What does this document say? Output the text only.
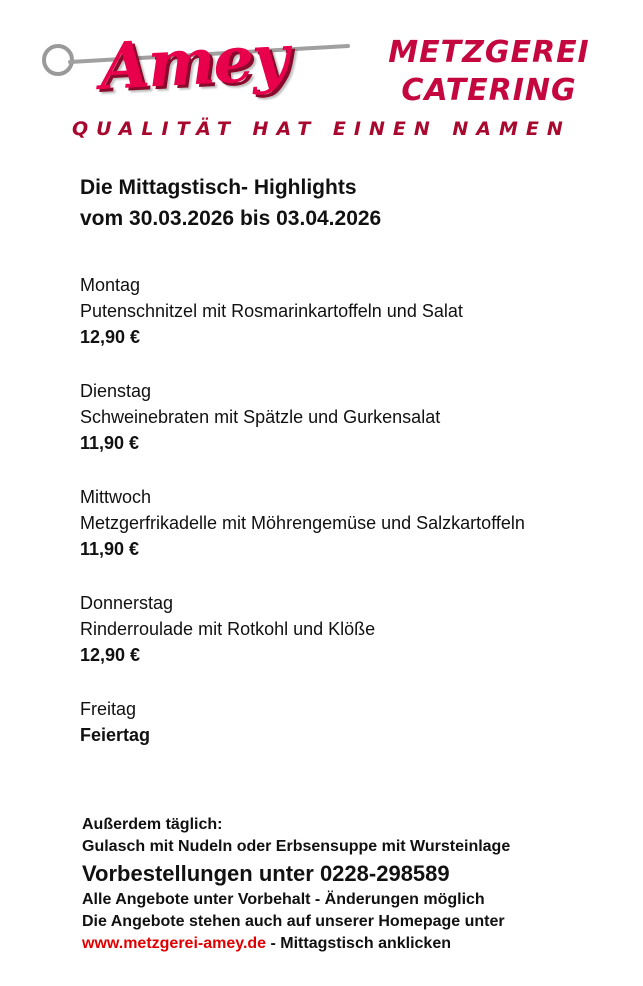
Amey	METZGEREI
CATERING
QUALITÄT HAT EINEN NAMEN

Die Mittagstisch- Highlights
vom 30.03.2026 bis 03.04.2026

Montag
Putenschnitzel mit Rosmarinkartoffeln und Salat
12,90 €
Dienstag
Schweinebraten mit Spätzle und Gurkensalat
11,90 €
Mittwoch
Metzgerfrikadelle mit Möhrengemüse und Salzkartoffeln
11,90 €
Donnerstag
Rinderroulade mit Rotkohl und Klöße
12,90 €
Freitag
Feiertag
Außerdem täglich:
Gulasch mit Nudeln oder Erbsensuppe mit Wursteinlage
Vorbestellungen unter 0228-298589
Alle Angebote unter Vorbehalt - Änderungen möglich
Die Angebote stehen auch auf unserer Homepage unter
www.metzgerei-amey.de - Mittagstisch anklicken
